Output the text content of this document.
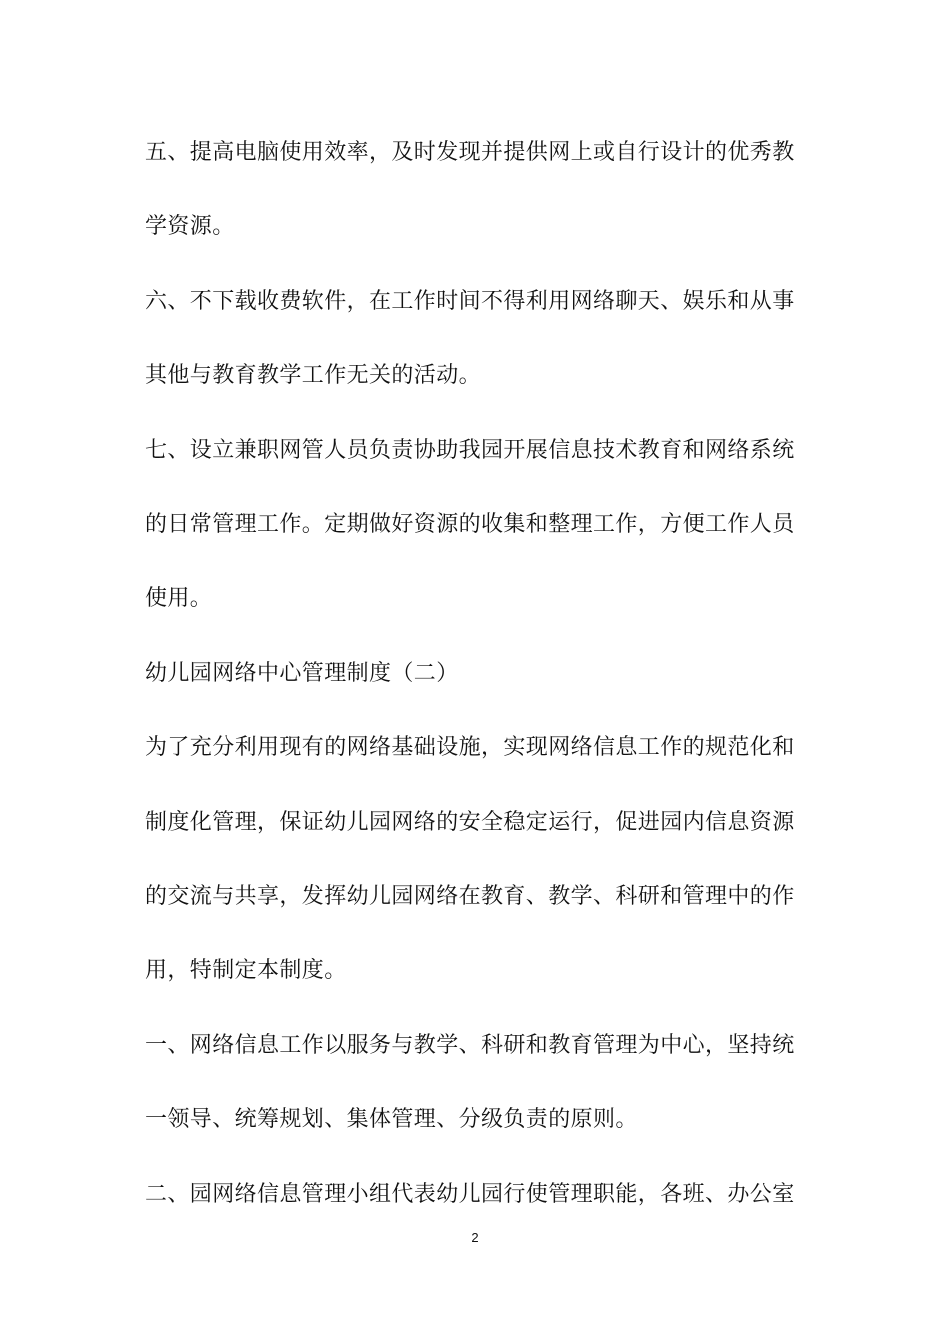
五、提高电脑使用效率，及时发现并提供网上或自行设计的优秀教
学资源。
六、不下载收费软件，在工作时间不得利用网络聊天、娱乐和从事
其他与教育教学工作无关的活动。
七、设立兼职网管人员负责协助我园开展信息技术教育和网络系统
的日常管理工作。定期做好资源的收集和整理工作，方便工作人员
使用。
幼儿园网络中心管理制度（二）
为了充分利用现有的网络基础设施，实现网络信息工作的规范化和
制度化管理，保证幼儿园网络的安全稳定运行，促进园内信息资源
的交流与共享，发挥幼儿园网络在教育、教学、科研和管理中的作
用，特制定本制度。
一、网络信息工作以服务与教学、科研和教育管理为中心，坚持统
一领导、统筹规划、集体管理、分级负责的原则。
二、园网络信息管理小组代表幼儿园行使管理职能，各班、办公室
2
